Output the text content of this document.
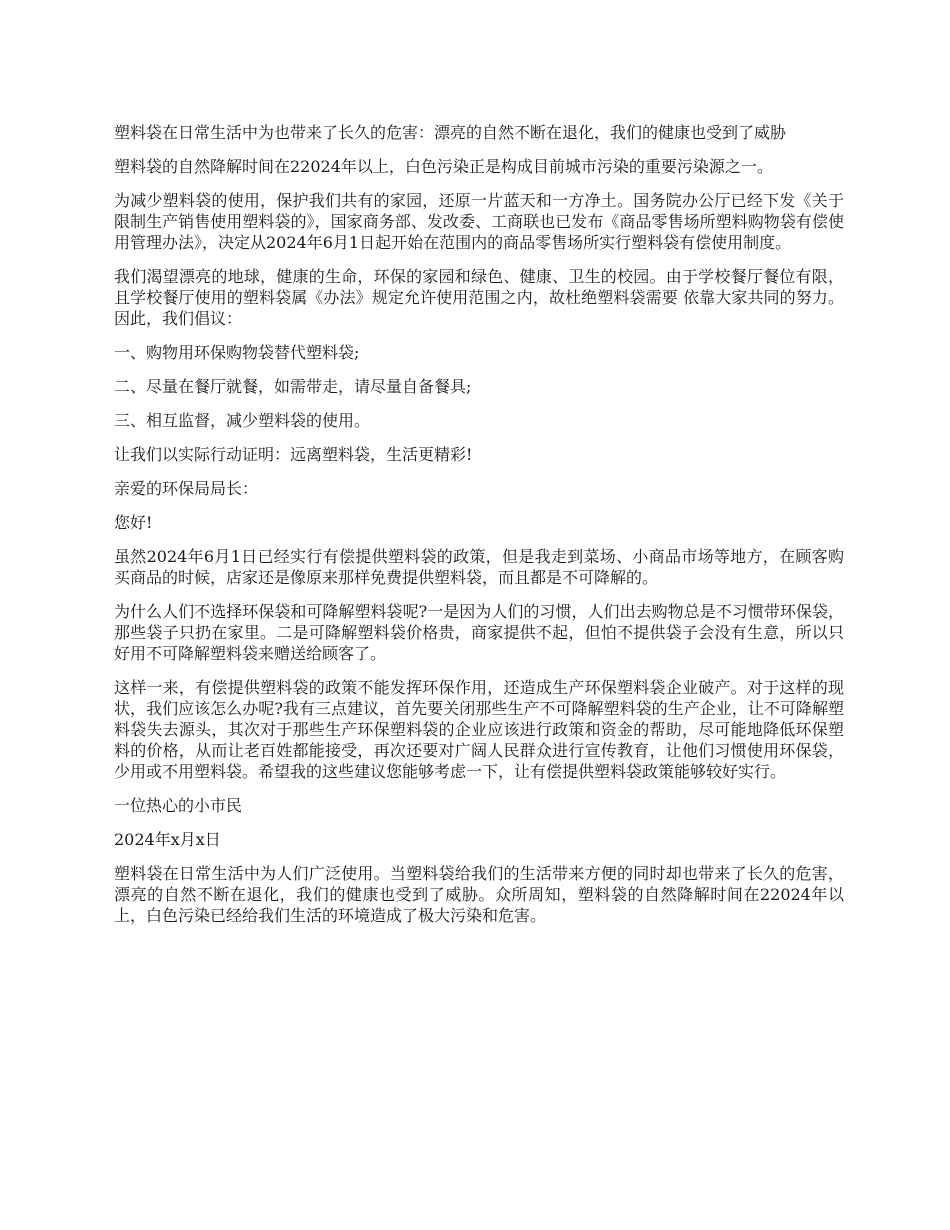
塑料袋在日常生活中为也带来了长久的危害：漂亮的自然不断在退化，我们的健康也受到了威胁

塑料袋的自然降解时间在22024年以上，白色污染正是构成目前城市污染的重要污染源之一。

为减少塑料袋的使用，保护我们共有的家园，还原一片蓝天和一方净土。国务院办公厅已经下发《关于限制生产销售使用塑料袋的》，国家商务部、发改委、工商联也已发布《商品零售场所塑料购物袋有偿使用管理办法》，决定从2024年6月1日起开始在范围内的商品零售场所实行塑料袋有偿使用制度。

我们渴望漂亮的地球，健康的生命，环保的家园和绿色、健康、卫生的校园。由于学校餐厅餐位有限，且学校餐厅使用的塑料袋属《办法》规定允许使用范围之内，故杜绝塑料袋需要 依靠大家共同的努力。因此，我们倡议：

一、购物用环保购物袋替代塑料袋;

二、尽量在餐厅就餐，如需带走，请尽量自备餐具;

三、相互监督，减少塑料袋的使用。

让我们以实际行动证明：远离塑料袋，生活更精彩!

亲爱的环保局局长：

您好!

虽然2024年6月1日已经实行有偿提供塑料袋的政策，但是我走到菜场、小商品市场等地方，在顾客购买商品的时候，店家还是像原来那样免费提供塑料袋，而且都是不可降解的。

为什么人们不选择环保袋和可降解塑料袋呢?一是因为人们的习惯，人们出去购物总是不习惯带环保袋，那些袋子只扔在家里。二是可降解塑料袋价格贵，商家提供不起，但怕不提供袋子会没有生意，所以只好用不可降解塑料袋来赠送给顾客了。

这样一来，有偿提供塑料袋的政策不能发挥环保作用，还造成生产环保塑料袋企业破产。对于这样的现状，我们应该怎么办呢?我有三点建议，首先要关闭那些生产不可降解塑料袋的生产企业，让不可降解塑料袋失去源头，其次对于那些生产环保塑料袋的企业应该进行政策和资金的帮助，尽可能地降低环保塑料的价格，从而让老百姓都能接受，再次还要对广阔人民群众进行宣传教育，让他们习惯使用环保袋，少用或不用塑料袋。希望我的这些建议您能够考虑一下，让有偿提供塑料袋政策能够较好实行。

一位热心的小市民

2024年x月x日

塑料袋在日常生活中为人们广泛使用。当塑料袋给我们的生活带来方便的同时却也带来了长久的危害，漂亮的自然不断在退化，我们的健康也受到了威胁。众所周知，塑料袋的自然降解时间在22024年以上，白色污染已经给我们生活的环境造成了极大污染和危害。
